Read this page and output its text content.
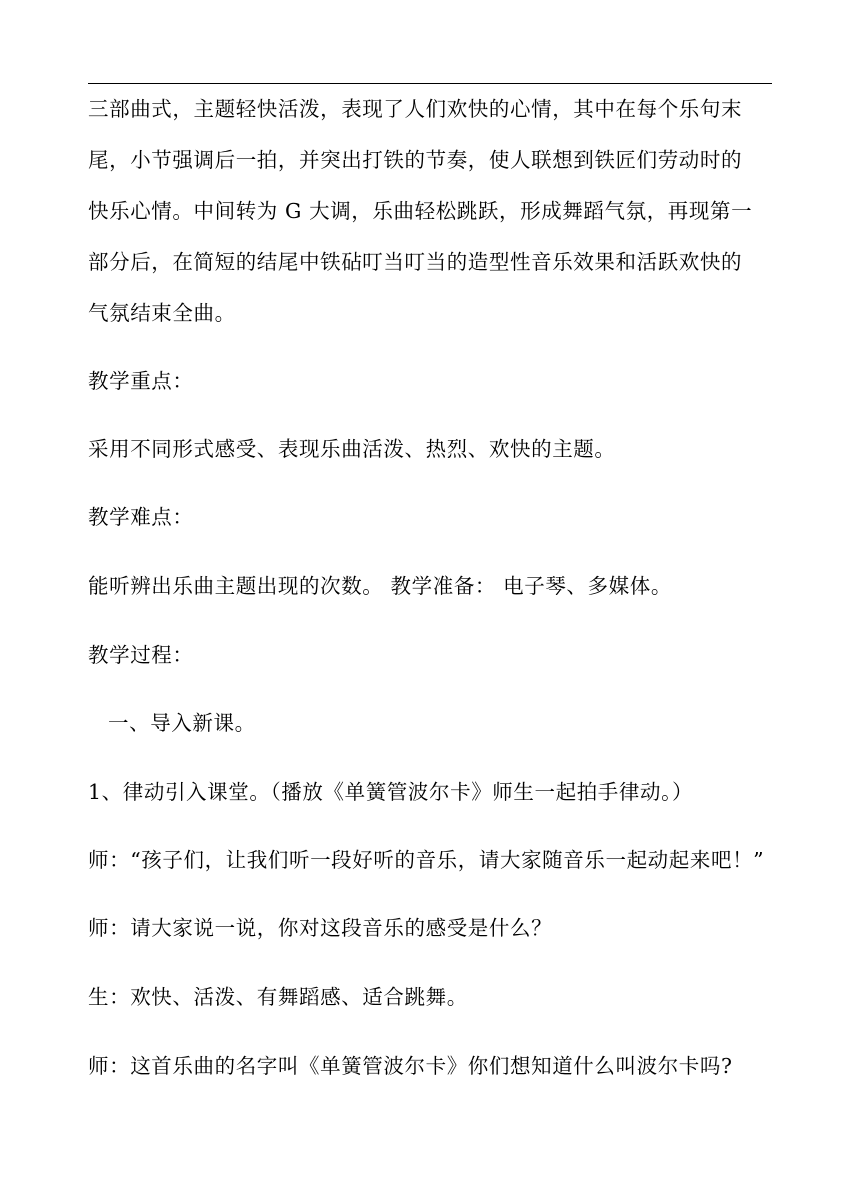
三部曲式，主题轻快活泼，表现了人们欢快的心情，其中在每个乐句末
尾，小节强调后一拍，并突出打铁的节奏，使人联想到铁匠们劳动时的
快乐心情。中间转为 G 大调，乐曲轻松跳跃，形成舞蹈气氛，再现第一
部分后，在简短的结尾中铁砧叮当叮当的造型性音乐效果和活跃欢快的
气氛结束全曲。
教学重点：
采用不同形式感受、表现乐曲活泼、热烈、欢快的主题。
教学难点：
能听辨出乐曲主题出现的次数。 教学准备： 电子琴、多媒体。
教学过程：
一、导入新课。
1、律动引入课堂。（播放《单簧管波尔卡》师生一起拍手律动。）
师：“孩子们，让我们听一段好听的音乐，请大家随音乐一起动起来吧！”
师：请大家说一说，你对这段音乐的感受是什么？
生：欢快、活泼、有舞蹈感、适合跳舞。
师：这首乐曲的名字叫《单簧管波尔卡》你们想知道什么叫波尔卡吗?
